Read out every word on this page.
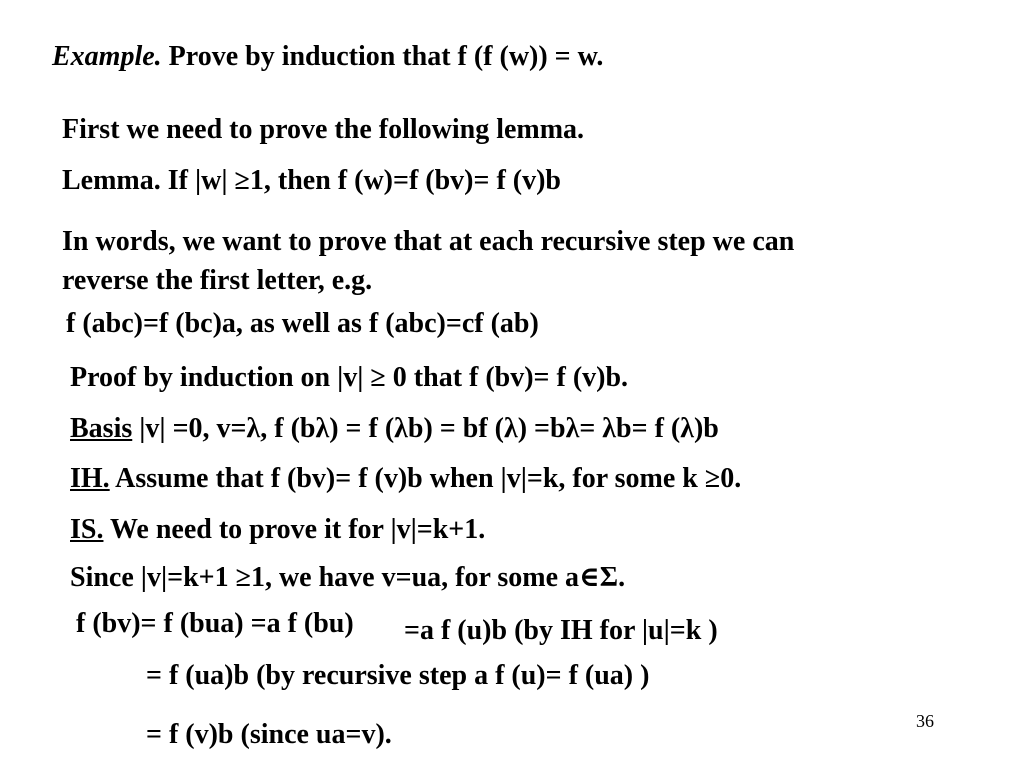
Example. Prove by induction that f (f (w)) = w.
First we need to prove the following lemma.
Lemma. If |w| ≥1, then f (w)=f (bv)= f (v)b
In words, we want to prove that at each recursive step we can
reverse the first letter, e.g.
f (abc)=f (bc)a, as well as f (abc)=cf (ab)
Proof by induction on |v| ≥ 0 that f (bv)= f (v)b.
Basis |v| =0, v=λ, f (bλ) = f (λb) = bf (λ) =bλ= λb= f (λ)b
IH. Assume that f (bv)= f (v)b when |v|=k, for some k ≥0.
IS. We need to prove it for |v|=k+1.
Since |v|=k+1 ≥1, we have v=ua, for some a∈Σ.
f (bv)= f (bua) =a f (bu) =a f (u)b (by IH for |u|=k )
= f (ua)b (by recursive step a f (u)= f (ua) )
= f (v)b (since ua=v).	36
